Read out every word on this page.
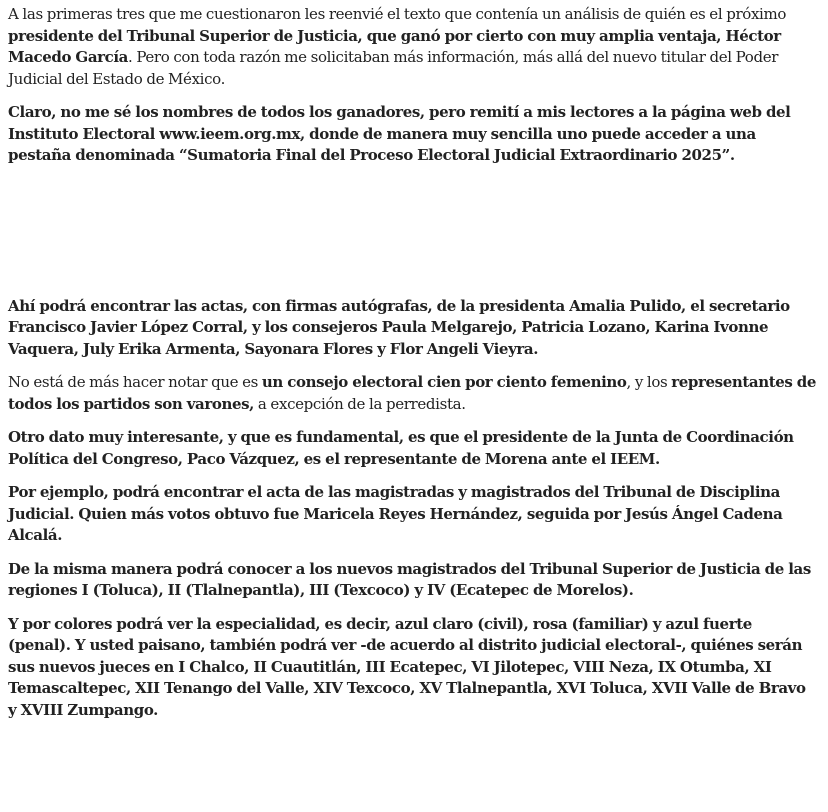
A las primeras tres que me cuestionaron les reenvié el texto que contenía un análisis de quién es el próximo presidente del Tribunal Superior de Justicia, que ganó por cierto con muy amplia ventaja, Héctor Macedo García. Pero con toda razón me solicitaban más información, más allá del nuevo titular del Poder Judicial del Estado de México.

Claro, no me sé los nombres de todos los ganadores, pero remití a mis lectores a la página web del Instituto Electoral www.ieem.org.mx, donde de manera muy sencilla uno puede acceder a una pestaña denominada “Sumatoria Final del Proceso Electoral Judicial Extraordinario 2025”.

Ahí podrá encontrar las actas, con firmas autógrafas, de la presidenta Amalia Pulido, el secretario Francisco Javier López Corral, y los consejeros Paula Melgarejo, Patricia Lozano, Karina Ivonne Vaquera, July Erika Armenta, Sayonara Flores y Flor Angeli Vieyra.

No está de más hacer notar que es un consejo electoral cien por ciento femenino, y los representantes de todos los partidos son varones, a excepción de la perredista.

Otro dato muy interesante, y que es fundamental, es que el presidente de la Junta de Coordinación Política del Congreso, Paco Vázquez, es el representante de Morena ante el IEEM.

Por ejemplo, podrá encontrar el acta de las magistradas y magistrados del Tribunal de Disciplina Judicial. Quien más votos obtuvo fue Maricela Reyes Hernández, seguida por Jesús Ángel Cadena Alcalá.

De la misma manera podrá conocer a los nuevos magistrados del Tribunal Superior de Justicia de las regiones I (Toluca), II (Tlalnepantla), III (Texcoco) y IV (Ecatepec de Morelos).

Y por colores podrá ver la especialidad, es decir, azul claro (civil), rosa (familiar) y azul fuerte (penal). Y usted paisano, también podrá ver -de acuerdo al distrito judicial electoral-, quiénes serán sus nuevos jueces en I Chalco, II Cuautitlán, III Ecatepec, VI Jilotepec, VIII Neza, IX Otumba, XI Temascaltepec, XII Tenango del Valle, XIV Texcoco, XV Tlalnepantla, XVI Toluca, XVII Valle de Bravo y XVIII Zumpango.
